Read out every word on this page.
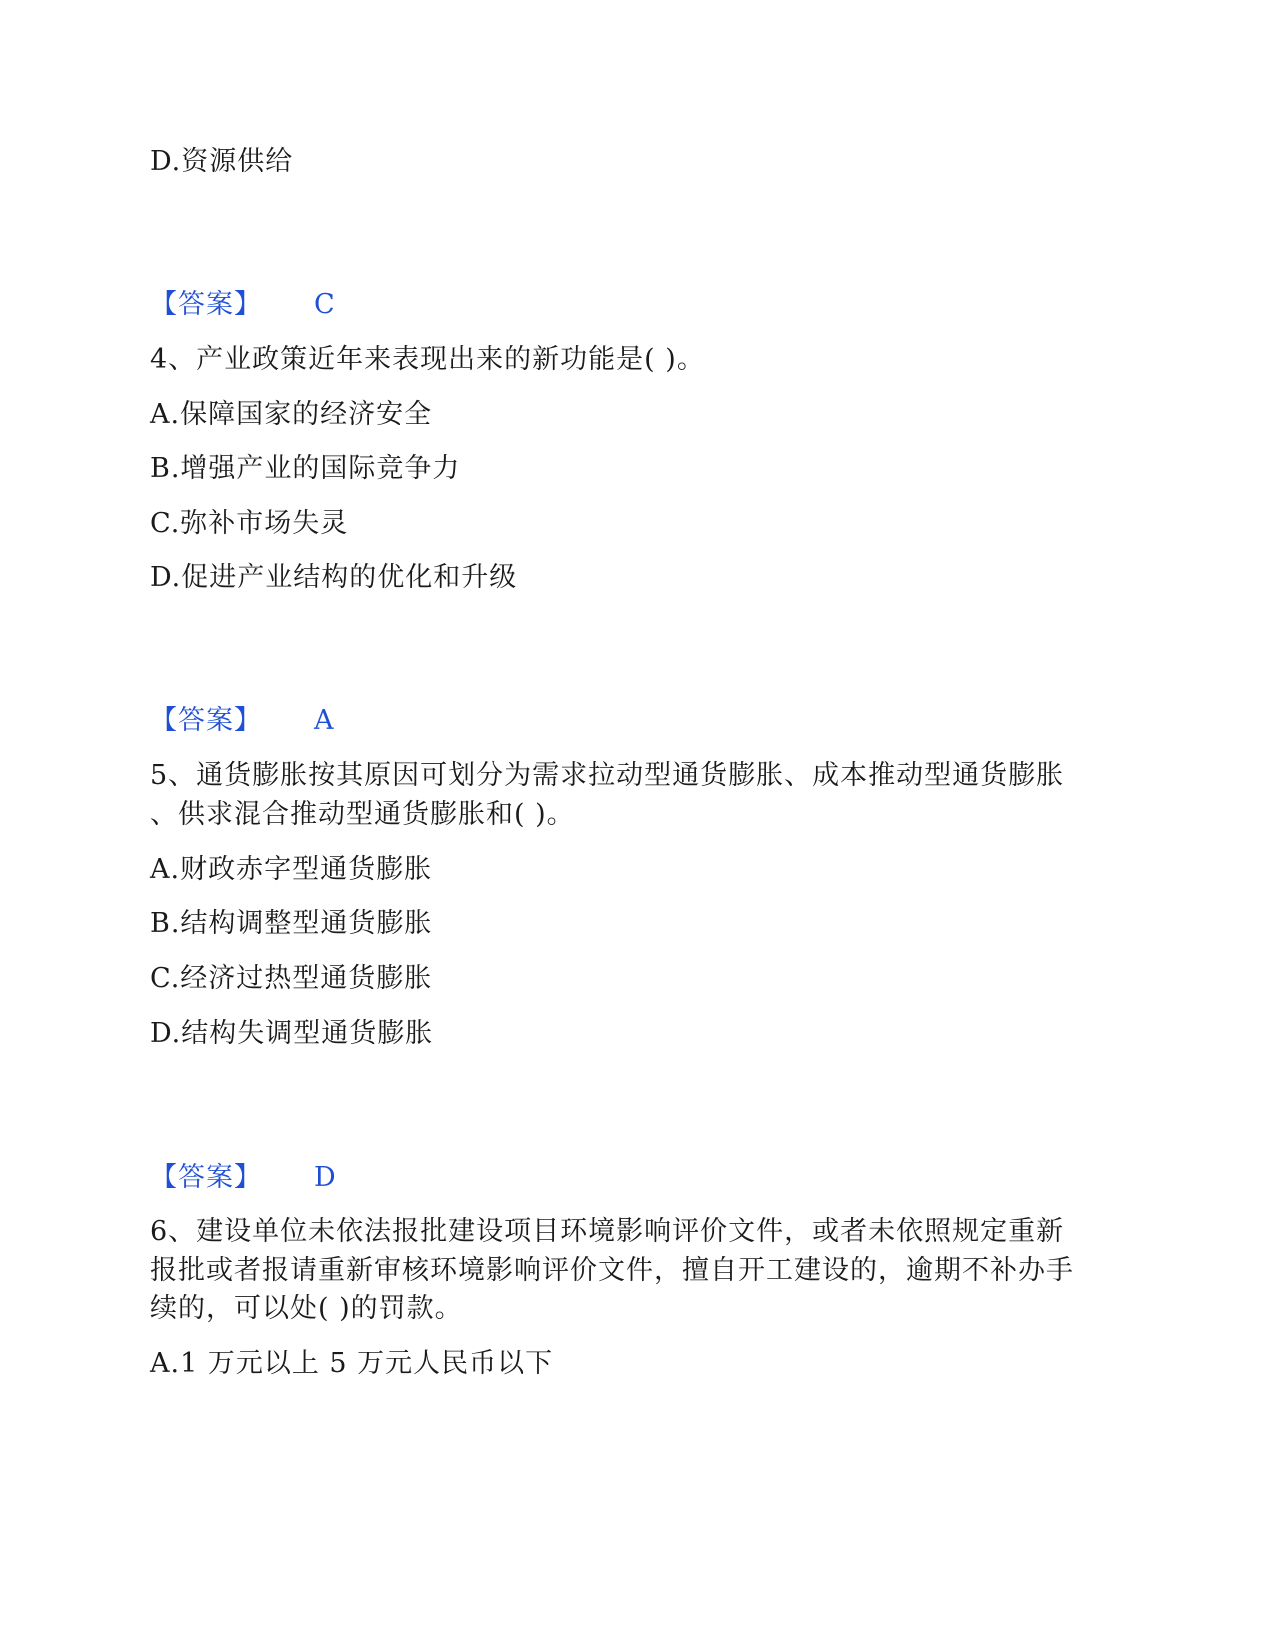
D.资源供给
【答案】 C
4、产业政策近年来表现出来的新功能是( )。
A.保障国家的经济安全
B.增强产业的国际竞争力
C.弥补市场失灵
D.促进产业结构的优化和升级
【答案】 A
5、通货膨胀按其原因可划分为需求拉动型通货膨胀、成本推动型通货膨胀
、供求混合推动型通货膨胀和( )。
A.财政赤字型通货膨胀
B.结构调整型通货膨胀
C.经济过热型通货膨胀
D.结构失调型通货膨胀
【答案】 D
6、建设单位未依法报批建设项目环境影响评价文件，或者未依照规定重新
报批或者报请重新审核环境影响评价文件，擅自开工建设的，逾期不补办手
续的，可以处( )的罚款。
A.1 万元以上 5 万元人民币以下
